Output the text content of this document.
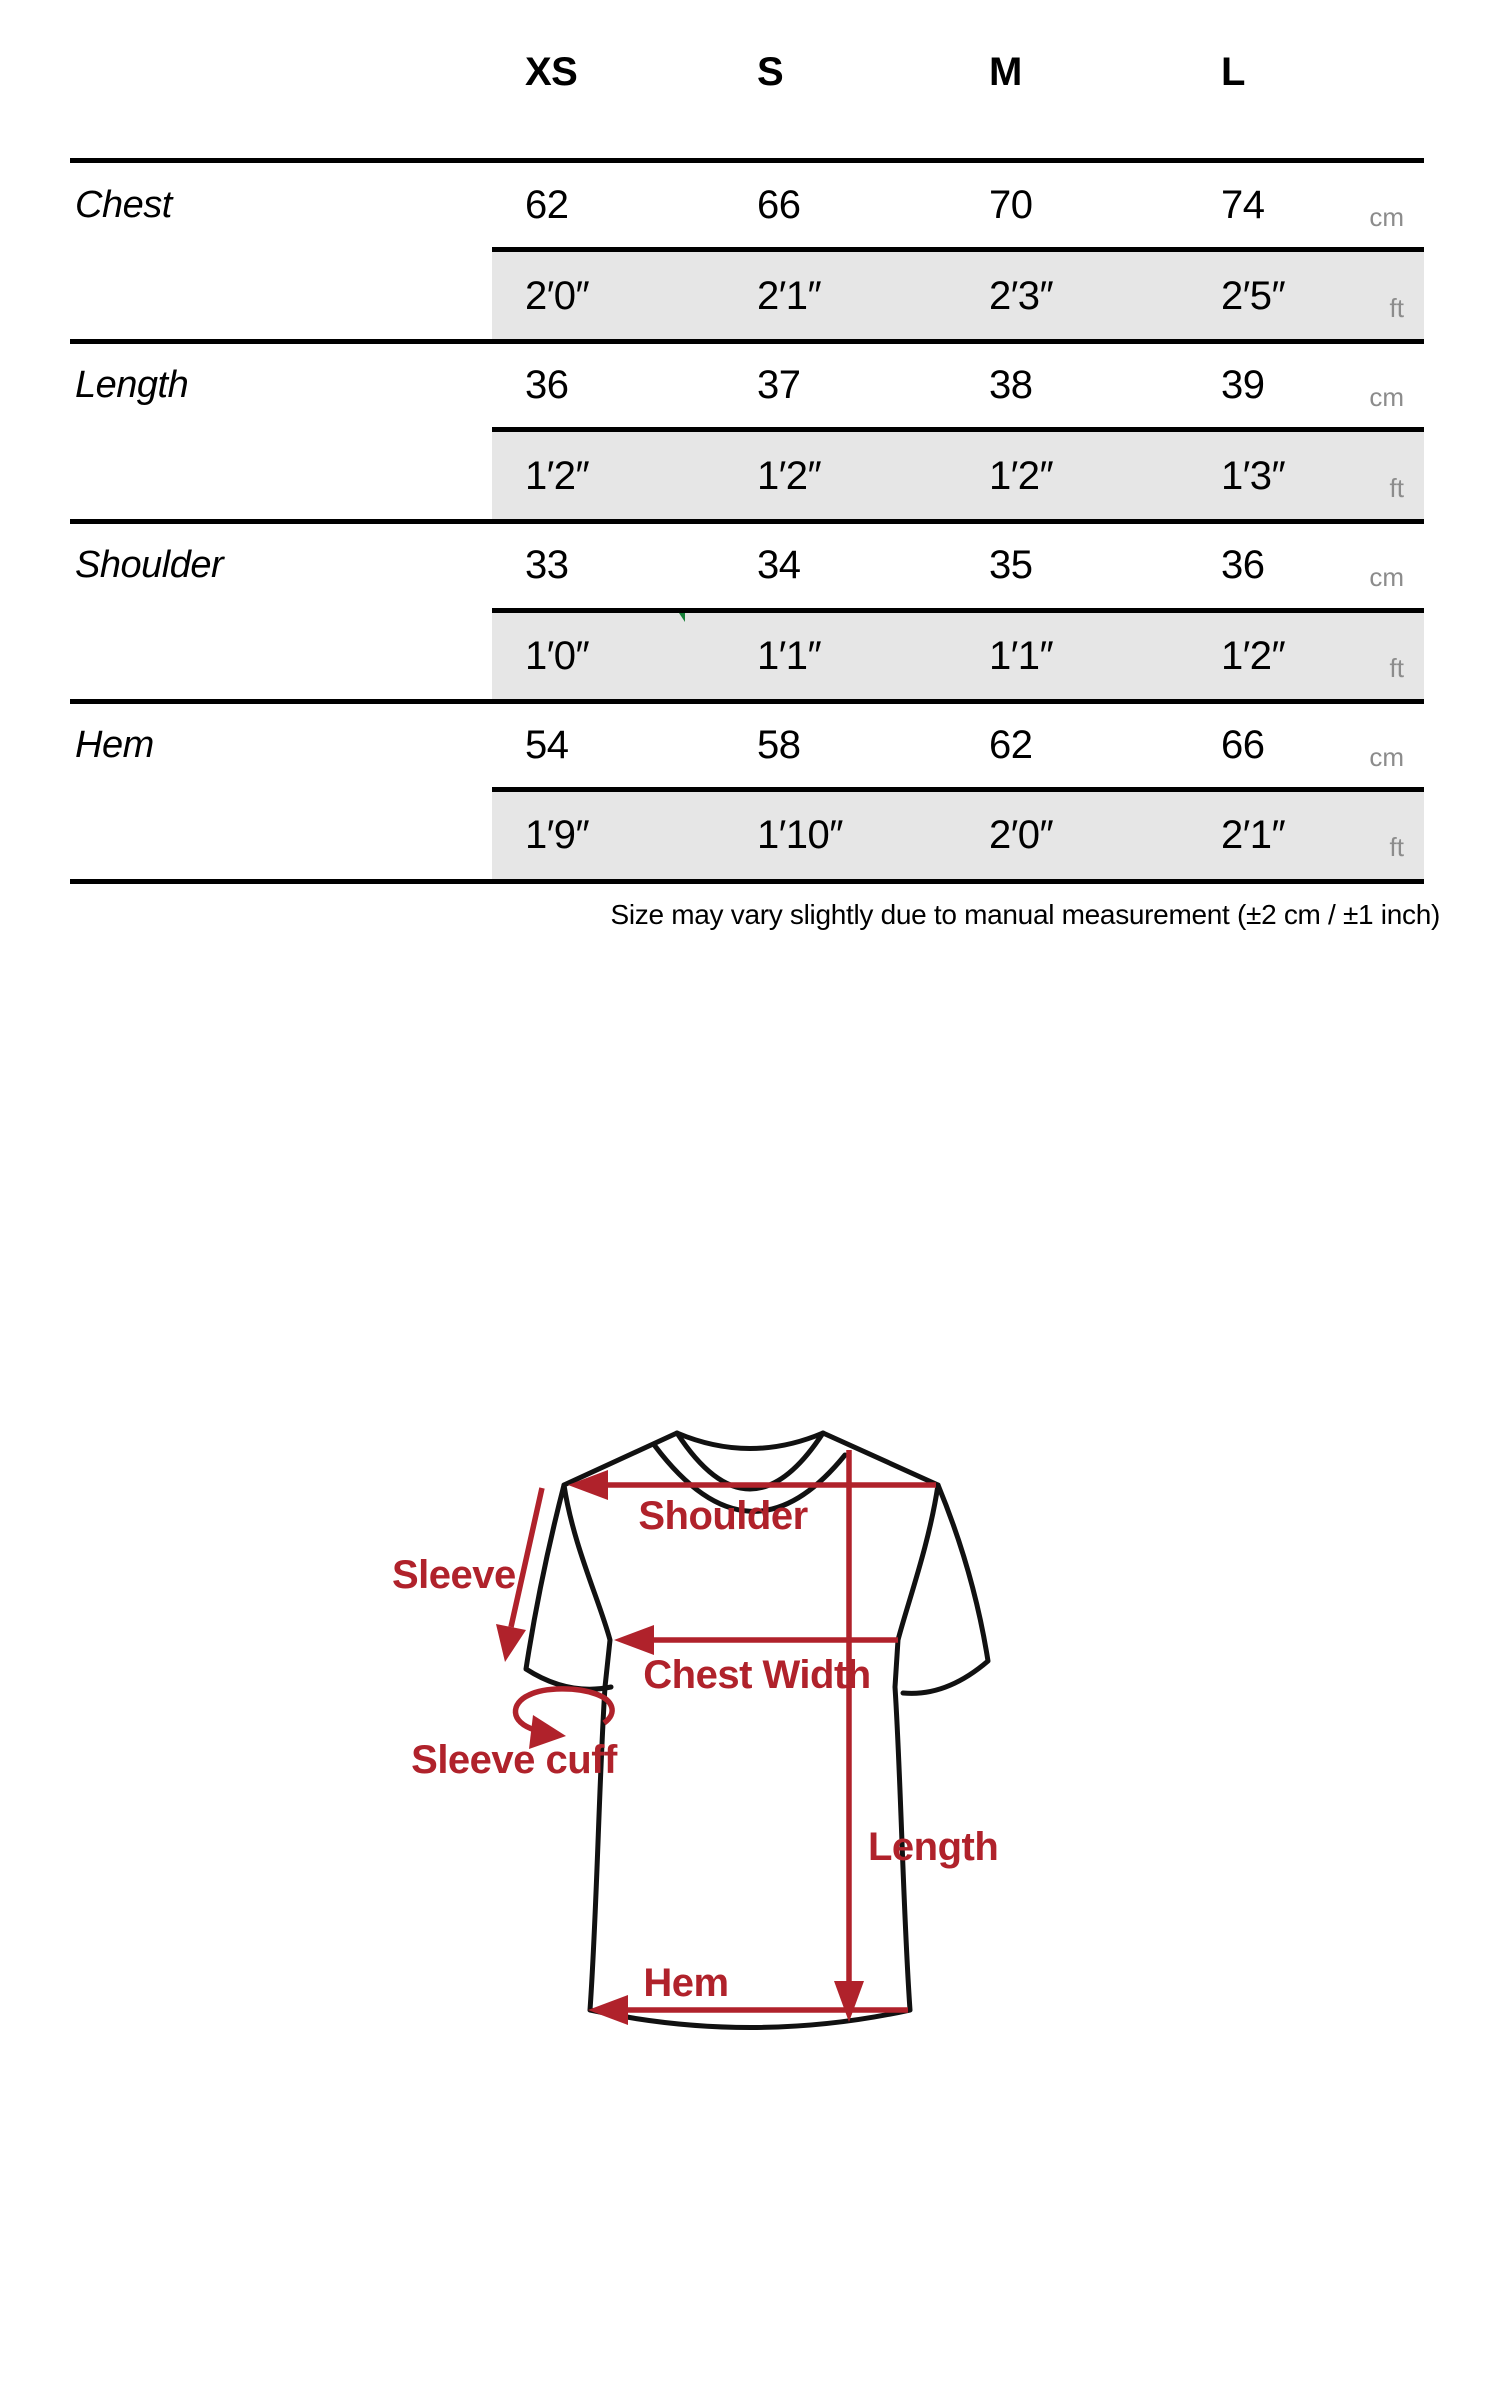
XS	S	M	L
Chest	62	66	70	74	cm
2′0″	2′1″	2′3″	2′5″	ft
Length	36	37	38	39	cm
1′2″	1′2″	1′2″	1′3″	ft
Shoulder	33	34	35	36	cm
1′0″	1′1″	1′1″	1′2″	ft
Hem	54	58	62	66	cm
1′9″	1′10″	2′0″	2′1″	ft
Size may vary slightly due to manual measurement (±2 cm / ±1 inch)
Shoulder
Sleeve
Chest Width
Sleeve cuff
Length
Hem
